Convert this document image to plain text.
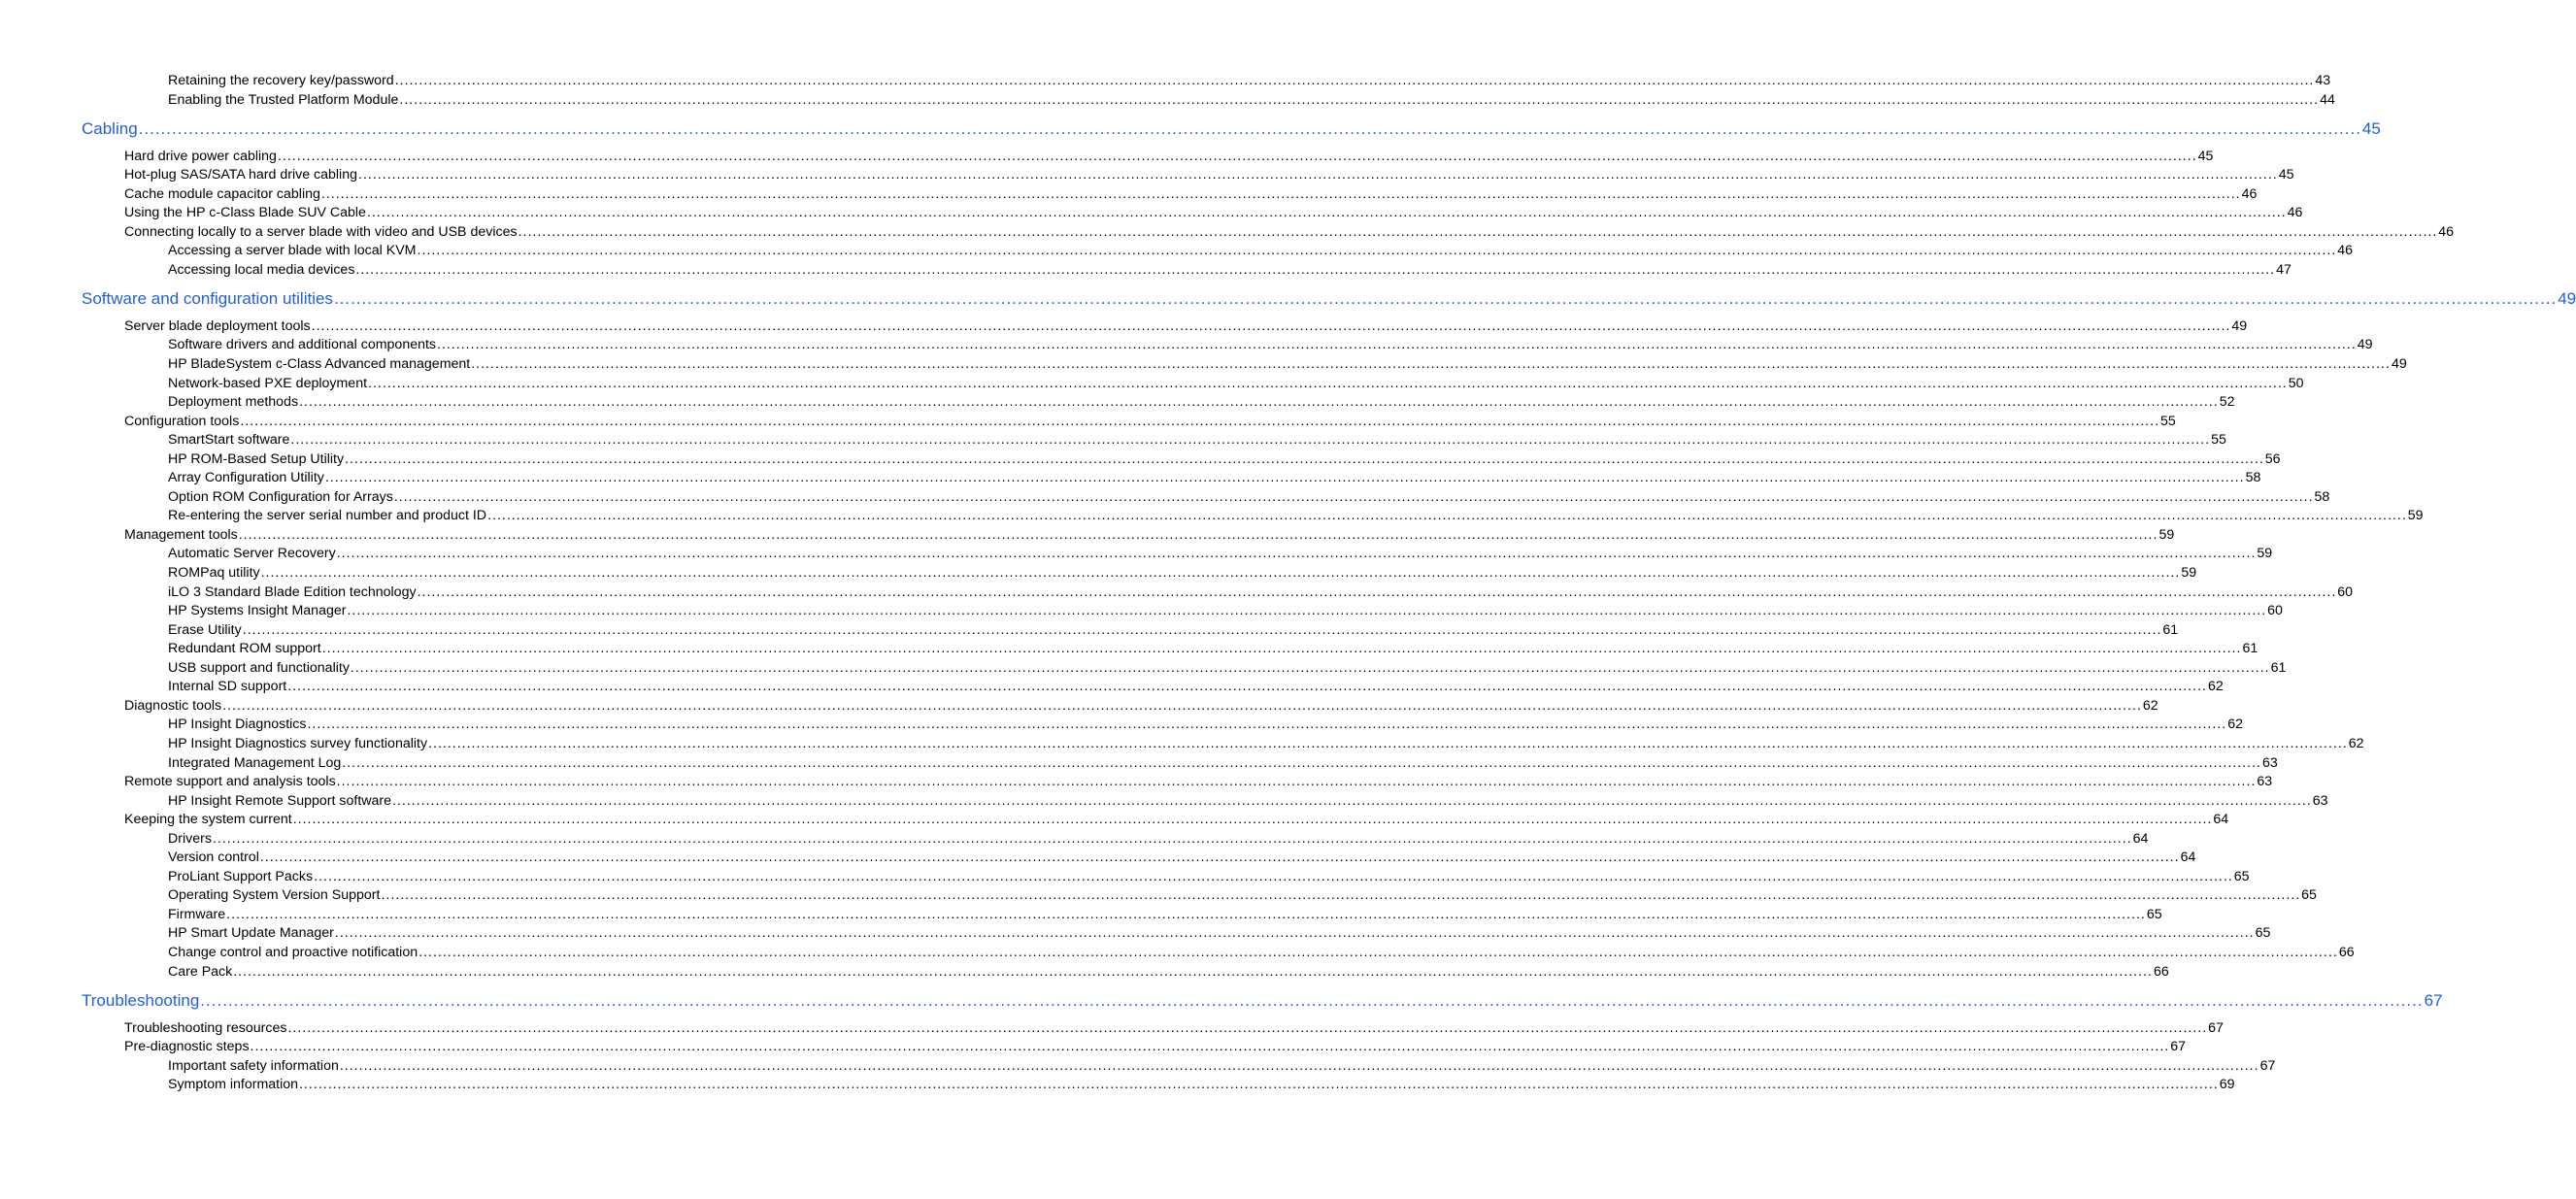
Retaining the recovery key/password ................................................................................................................................................................................................................................................................................................................................................................................................................ 43
Enabling the Trusted Platform Module ................................................................................................................................................................................................................................................................................................................................................................................................................ 44
Cabling ................................................................................................................................................................................................................................................................................................................................................................................................................ 45
Hard drive power cabling ................................................................................................................................................................................................................................................................................................................................................................................................................ 45
Hot-plug SAS/SATA hard drive cabling ................................................................................................................................................................................................................................................................................................................................................................................................................ 45
Cache module capacitor cabling ................................................................................................................................................................................................................................................................................................................................................................................................................ 46
Using the HP c-Class Blade SUV Cable ................................................................................................................................................................................................................................................................................................................................................................................................................ 46
Connecting locally to a server blade with video and USB devices ................................................................................................................................................................................................................................................................................................................................................................................................................ 46
Accessing a server blade with local KVM ................................................................................................................................................................................................................................................................................................................................................................................................................ 46
Accessing local media devices ................................................................................................................................................................................................................................................................................................................................................................................................................ 47
Software and configuration utilities ................................................................................................................................................................................................................................................................................................................................................................................................................ 49
Server blade deployment tools ................................................................................................................................................................................................................................................................................................................................................................................................................ 49
Software drivers and additional components ................................................................................................................................................................................................................................................................................................................................................................................................................ 49
HP BladeSystem c-Class Advanced management ................................................................................................................................................................................................................................................................................................................................................................................................................ 49
Network-based PXE deployment ................................................................................................................................................................................................................................................................................................................................................................................................................ 50
Deployment methods ................................................................................................................................................................................................................................................................................................................................................................................................................ 52
Configuration tools ................................................................................................................................................................................................................................................................................................................................................................................................................ 55
SmartStart software ................................................................................................................................................................................................................................................................................................................................................................................................................ 55
HP ROM-Based Setup Utility ................................................................................................................................................................................................................................................................................................................................................................................................................ 56
Array Configuration Utility ................................................................................................................................................................................................................................................................................................................................................................................................................ 58
Option ROM Configuration for Arrays ................................................................................................................................................................................................................................................................................................................................................................................................................ 58
Re-entering the server serial number and product ID ................................................................................................................................................................................................................................................................................................................................................................................................................ 59
Management tools ................................................................................................................................................................................................................................................................................................................................................................................................................ 59
Automatic Server Recovery ................................................................................................................................................................................................................................................................................................................................................................................................................ 59
ROMPaq utility ................................................................................................................................................................................................................................................................................................................................................................................................................ 59
iLO 3 Standard Blade Edition technology ................................................................................................................................................................................................................................................................................................................................................................................................................ 60
HP Systems Insight Manager ................................................................................................................................................................................................................................................................................................................................................................................................................ 60
Erase Utility ................................................................................................................................................................................................................................................................................................................................................................................................................ 61
Redundant ROM support ................................................................................................................................................................................................................................................................................................................................................................................................................ 61
USB support and functionality ................................................................................................................................................................................................................................................................................................................................................................................................................ 61
Internal SD support ................................................................................................................................................................................................................................................................................................................................................................................................................ 62
Diagnostic tools ................................................................................................................................................................................................................................................................................................................................................................................................................ 62
HP Insight Diagnostics ................................................................................................................................................................................................................................................................................................................................................................................................................ 62
HP Insight Diagnostics survey functionality ................................................................................................................................................................................................................................................................................................................................................................................................................ 62
Integrated Management Log ................................................................................................................................................................................................................................................................................................................................................................................................................ 63
Remote support and analysis tools ................................................................................................................................................................................................................................................................................................................................................................................................................ 63
HP Insight Remote Support software ................................................................................................................................................................................................................................................................................................................................................................................................................ 63
Keeping the system current ................................................................................................................................................................................................................................................................................................................................................................................................................ 64
Drivers ................................................................................................................................................................................................................................................................................................................................................................................................................ 64
Version control ................................................................................................................................................................................................................................................................................................................................................................................................................ 64
ProLiant Support Packs ................................................................................................................................................................................................................................................................................................................................................................................................................ 65
Operating System Version Support ................................................................................................................................................................................................................................................................................................................................................................................................................ 65
Firmware ................................................................................................................................................................................................................................................................................................................................................................................................................ 65
HP Smart Update Manager ................................................................................................................................................................................................................................................................................................................................................................................................................ 65
Change control and proactive notification ................................................................................................................................................................................................................................................................................................................................................................................................................ 66
Care Pack ................................................................................................................................................................................................................................................................................................................................................................................................................ 66
Troubleshooting ................................................................................................................................................................................................................................................................................................................................................................................................................ 67
Troubleshooting resources ................................................................................................................................................................................................................................................................................................................................................................................................................ 67
Pre-diagnostic steps ................................................................................................................................................................................................................................................................................................................................................................................................................ 67
Important safety information ................................................................................................................................................................................................................................................................................................................................................................................................................ 67
Symptom information ................................................................................................................................................................................................................................................................................................................................................................................................................ 69
